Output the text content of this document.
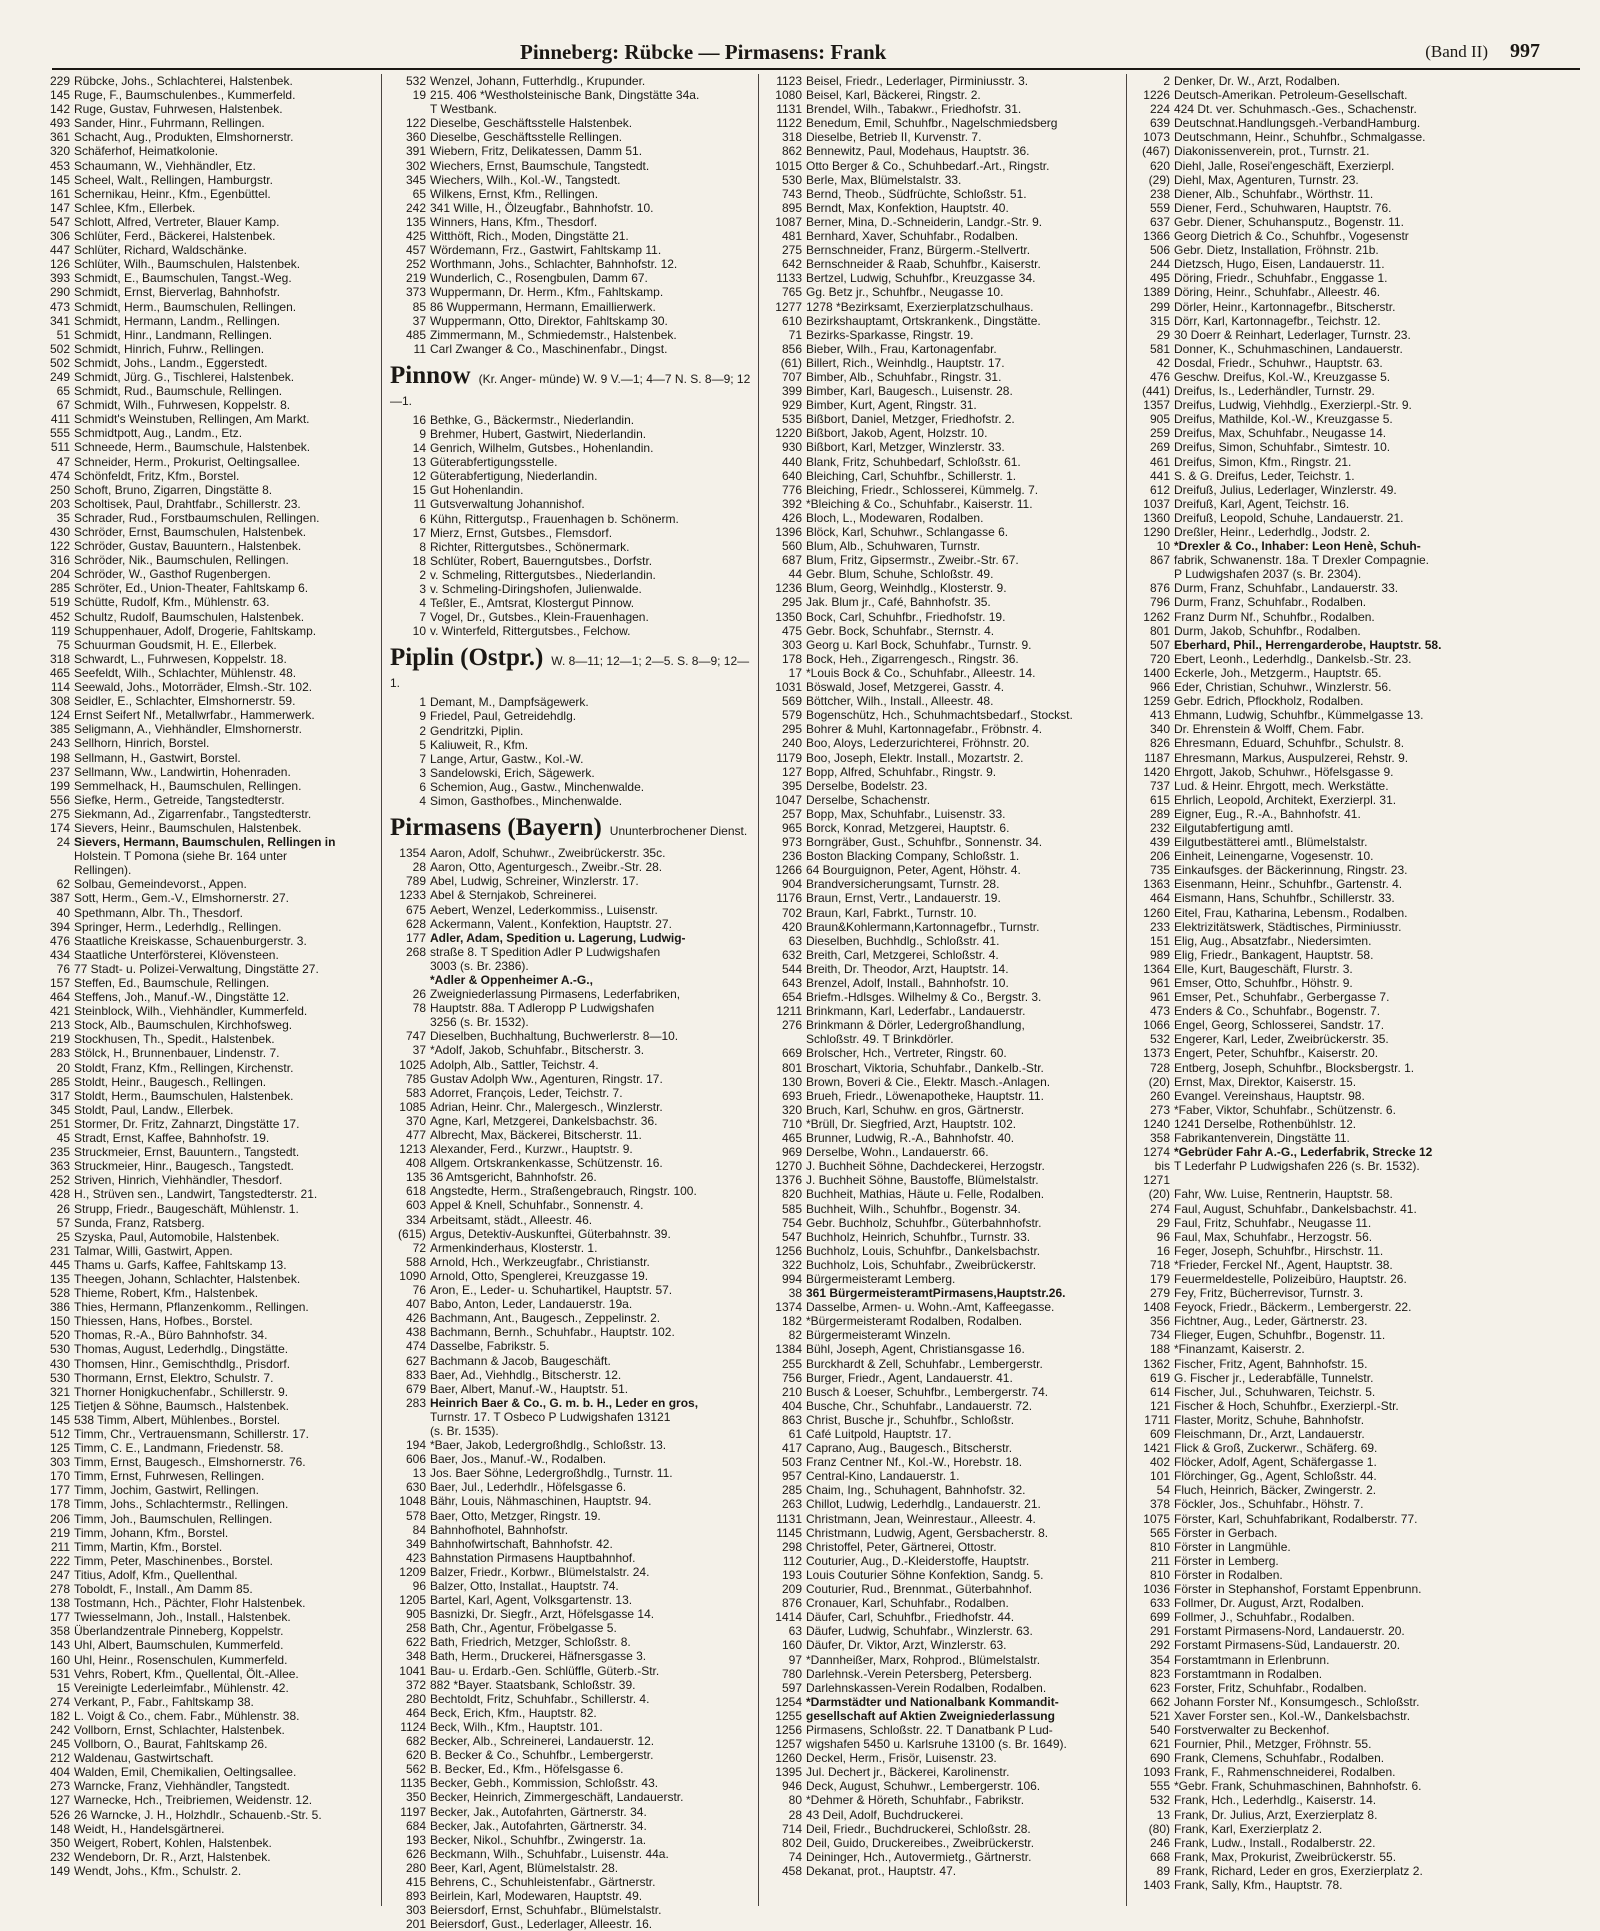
Pinneberg: Rübcke — Pirmasens: Frank	(Band II) 997
229 Rübcke, Johs., Schlachterei, Halstenbek.
145 Ruge, F., Baumschulenbes., Kummerfeld.
142 Ruge, Gustav, Fuhrwesen, Halstenbek.
493 Sander, Hinr., Fuhrmann, Rellingen.
361 Schacht, Aug., Produkten, Elmshornerstr.
320 Schäferhof, Heimatkolonie.
453 Schaumann, W., Viehhändler, Etz.
145 Scheel, Walt., Rellingen, Hamburgstr.
161 Schernikau, Heinr., Kfm., Egenbüttel.
147 Schlee, Kfm., Ellerbek.
547 Schlott, Alfred, Vertreter, Blauer Kamp.
306 Schlüter, Ferd., Bäckerei, Halstenbek.
447 Schlüter, Richard, Waldschänke.
126 Schlüter, Wilh., Baumschulen, Halstenbek.
393 Schmidt, E., Baumschulen, Tangst.-Weg.
290 Schmidt, Ernst, Bierverlag, Bahnhofstr.
473 Schmidt, Herm., Baumschulen, Rellingen.
341 Schmidt, Hermann, Landm., Rellingen.
51 Schmidt, Hinr., Landmann, Rellingen.
502 Schmidt, Hinrich, Fuhrw., Rellingen.
502 Schmidt, Johs., Landm., Eggerstedt.
249 Schmidt, Jürg. G., Tischlerei, Halstenbek.
65 Schmidt, Rud., Baumschule, Rellingen.
67 Schmidt, Wilh., Fuhrwesen, Koppelstr. 8.
411 Schmidt's Weinstuben, Rellingen, Am Markt.
555 Schmidtpott, Aug., Landm., Etz.
511 Schneede, Herm., Baumschule, Halstenbek.
47 Schneider, Herm., Prokurist, Oeltingsallee.
474 Schönfeldt, Fritz, Kfm., Borstel.
250 Schoft, Bruno, Zigarren, Dingstätte 8.
203 Scholtisek, Paul, Drahtfabr., Schillerstr. 23.
35 Schrader, Rud., Forstbaumschulen, Rellingen.
430 Schröder, Ernst, Baumschulen, Halstenbek.
122 Schröder, Gustav, Bauuntern., Halstenbek.
316 Schröder, Nik., Baumschulen, Rellingen.
204 Schröder, W., Gasthof Rugenbergen.
285 Schröter, Ed., Union-Theater, Fahltskamp 6.
519 Schütte, Rudolf, Kfm., Mühlenstr. 63.
452 Schultz, Rudolf, Baumschulen, Halstenbek.
119 Schuppenhauer, Adolf, Drogerie, Fahltskamp.
75 Schuurman Goudsmit, H. E., Ellerbek.
318 Schwardt, L., Fuhrwesen, Koppelstr. 18.
465 Seefeldt, Wilh., Schlachter, Mühlenstr. 48.
114 Seewald, Johs., Motorräder, Elmsh.-Str. 102.
308 Seidler, E., Schlachter, Elmshornerstr. 59.
124 Ernst Seifert Nf., Metallwrfabr., Hammerwerk.
385 Seligmann, A., Viehhändler, Elmshornerstr.
243 Sellhorn, Hinrich, Borstel.
198 Sellmann, H., Gastwirt, Borstel.
237 Sellmann, Ww., Landwirtin, Hohenraden.
199 Semmelhack, H., Baumschulen, Rellingen.
556 Siefke, Herm., Getreide, Tangstedterstr.
275 Siekmann, Ad., Zigarrenfabr., Tangstedterstr.
174 Sievers, Heinr., Baumschulen, Halstenbek.
24 Sievers, Hermann, Baumschulen, Rellingen in
Holstein. T Pomona (siehe Br. 164 unter
Rellingen).
62 Solbau, Gemeindevorst., Appen.
387 Sott, Herm., Gem.-V., Elmshornerstr. 27.
40 Spethmann, Albr. Th., Thesdorf.
394 Springer, Herm., Lederhdlg., Rellingen.
476 Staatliche Kreiskasse, Schauenburgerstr. 3.
434 Staatliche Unterförsterei, Klövensteen.
76 77 Stadt- u. Polizei-Verwaltung, Dingstätte 27.
157 Steffen, Ed., Baumschule, Rellingen.
464 Steffens, Joh., Manuf.-W., Dingstätte 12.
421 Steinblock, Wilh., Viehhändler, Kummerfeld.
213 Stock, Alb., Baumschulen, Kirchhofsweg.
219 Stockhusen, Th., Spedit., Halstenbek.
283 Stölck, H., Brunnenbauer, Lindenstr. 7.
20 Stoldt, Franz, Kfm., Rellingen, Kirchenstr.
285 Stoldt, Heinr., Baugesch., Rellingen.
317 Stoldt, Herm., Baumschulen, Halstenbek.
345 Stoldt, Paul, Landw., Ellerbek.
251 Stormer, Dr. Fritz, Zahnarzt, Dingstätte 17.
45 Stradt, Ernst, Kaffee, Bahnhofstr. 19.
235 Struckmeier, Ernst, Bauuntern., Tangstedt.
363 Struckmeier, Hinr., Baugesch., Tangstedt.
252 Striven, Hinrich, Viehhändler, Thesdorf.
428 H., Strüven sen., Landwirt, Tangstedterstr. 21.
26 Strupp, Friedr., Baugeschäft, Mühlenstr. 1.
57 Sunda, Franz, Ratsberg.
25 Szyska, Paul, Automobile, Halstenbek.
231 Talmar, Willi, Gastwirt, Appen.
445 Thams u. Garfs, Kaffee, Fahltskamp 13.
135 Theegen, Johann, Schlachter, Halstenbek.
528 Thieme, Robert, Kfm., Halstenbek.
386 Thies, Hermann, Pflanzenkomm., Rellingen.
150 Thiessen, Hans, Hofbes., Borstel.
520 Thomas, R.-A., Büro Bahnhofstr. 34.
530 Thomas, August, Lederhdlg., Dingstätte.
430 Thomsen, Hinr., Gemischthdlg., Prisdorf.
530 Thormann, Ernst, Elektro, Schulstr. 7.
321 Thorner Honigkuchenfabr., Schillerstr. 9.
125 Tietjen & Söhne, Baumsch., Halstenbek.
145 538 Timm, Albert, Mühlenbes., Borstel.
512 Timm, Chr., Vertrauensmann, Schillerstr. 17.
125 Timm, C. E., Landmann, Friedenstr. 58.
303 Timm, Ernst, Baugesch., Elmshornerstr. 76.
170 Timm, Ernst, Fuhrwesen, Rellingen.
177 Timm, Jochim, Gastwirt, Rellingen.
178 Timm, Johs., Schlachtermstr., Rellingen.
206 Timm, Joh., Baumschulen, Rellingen.
219 Timm, Johann, Kfm., Borstel.
211 Timm, Martin, Kfm., Borstel.
222 Timm, Peter, Maschinenbes., Borstel.
247 Titius, Adolf, Kfm., Quellenthal.
278 Toboldt, F., Install., Am Damm 85.
138 Tostmann, Hch., Pächter, Flohr Halstenbek.
177 Twiesselmann, Joh., Install., Halstenbek.
358 Überlandzentrale Pinneberg, Koppelstr.
143 Uhl, Albert, Baumschulen, Kummerfeld.
160 Uhl, Heinr., Rosenschulen, Kummerfeld.
531 Vehrs, Robert, Kfm., Quellental, Ölt.-Allee.
15 Vereinigte Lederleimfabr., Mühlenstr. 42.
274 Verkant, P., Fabr., Fahltskamp 38.
182 L. Voigt & Co., chem. Fabr., Mühlenstr. 38.
242 Vollborn, Ernst, Schlachter, Halstenbek.
245 Vollborn, O., Baurat, Fahltskamp 26.
212 Waldenau, Gastwirtschaft.
404 Walden, Emil, Chemikalien, Oeltingsallee.
273 Warncke, Franz, Viehhändler, Tangstedt.
127 Warnecke, Hch., Treibriemen, Weidenstr. 12.
526 26 Warncke, J. H., Holzhdlr., Schauenb.-Str. 5.
148 Weidt, H., Handelsgärtnerei.
350 Weigert, Robert, Kohlen, Halstenbek.
232 Wendeborn, Dr. R., Arzt, Halstenbek.
149 Wendt, Johs., Kfm., Schulstr. 2.
532 Wenzel, Johann, Futterhdlg., Krupunder.
19 215. 406 *Westholsteinische Bank, Dingstätte 34a.
T Westbank.
122 Dieselbe, Geschäftsstelle Halstenbek.
360 Dieselbe, Geschäftsstelle Rellingen.
391 Wiebern, Fritz, Delikatessen, Damm 51.
302 Wiechers, Ernst, Baumschule, Tangstedt.
345 Wiechers, Wilh., Kol.-W., Tangstedt.
65 Wilkens, Ernst, Kfm., Rellingen.
242 341 Wille, H., Ölzeugfabr., Bahnhofstr. 10.
135 Winners, Hans, Kfm., Thesdorf.
425 Witthöft, Rich., Moden, Dingstätte 21.
457 Wördemann, Frz., Gastwirt, Fahltskamp 11.
252 Worthmann, Johs., Schlachter, Bahnhofstr. 12.
219 Wunderlich, C., Rosengbulen, Damm 67.
373 Wuppermann, Dr. Herm., Kfm., Fahltskamp.
85 86 Wuppermann, Hermann, Emaillierwerk.
37 Wuppermann, Otto, Direktor, Fahltskamp 30.
485 Zimmermann, M., Schmiedemstr., Halstenbek.
11 Carl Zwanger & Co., Maschinenfabr., Dingst.
Pinnow (Kr. Anger- münde) W. 9 V.—1; 4—7 N. S. 8—9; 12—1.
16 Bethke, G., Bäckermstr., Niederlandin.
9 Brehmer, Hubert, Gastwirt, Niederlandin.
14 Genrich, Wilhelm, Gutsbes., Hohenlandin.
13 Güterabfertigungsstelle.
12 Güterabfertigung, Niederlandin.
15 Gut Hohenlandin.
11 Gutsverwaltung Johannishof.
6 Kühn, Rittergutsp., Frauenhagen b. Schönerm.
17 Mierz, Ernst, Gutsbes., Flemsdorf.
8 Richter, Rittergutsbes., Schönermark.
18 Schlüter, Robert, Bauerngutsbes., Dorfstr.
2 v. Schmeling, Rittergutsbes., Niederlandin.
3 v. Schmeling-Diringshofen, Julienwalde.
4 Teßler, E., Amtsrat, Klostergut Pinnow.
7 Vogel, Dr., Gutsbes., Klein-Frauenhagen.
10 v. Winterfeld, Rittergutsbes., Felchow.
Piplin (Ostpr.) W. 8—11; 12—1; 2—5. S. 8—9; 12—1.
1 Demant, M., Dampfsägewerk.
9 Friedel, Paul, Getreidehdlg.
2 Gendritzki, Piplin.
5 Kaliuweit, R., Kfm.
7 Lange, Artur, Gastw., Kol.-W.
3 Sandelowski, Erich, Sägewerk.
6 Schemion, Aug., Gastw., Minchenwalde.
4 Simon, Gasthofbes., Minchenwalde.
Pirmasens (Bayern) Ununterbrochener Dienst.
1354 Aaron, Adolf, Schuhwr., Zweibrückerstr. 35c.
28 Aaron, Otto, Agenturgesch., Zweibr.-Str. 28.
789 Abel, Ludwig, Schreiner, Winzlerstr. 17.
1233 Abel & Sternjakob, Schreinerei.
675 Aebert, Wenzel, Lederkommiss., Luisenstr.
628 Ackermann, Valent., Konfektion, Hauptstr. 27.
177 Adler, Adam, Spedition u. Lagerung, Ludwig-
268 straße 8. T Spedition Adler P Ludwigshafen
3003 (s. Br. 2386).
*Adler & Oppenheimer A.-G.,
26 Zweigniederlassung Pirmasens, Lederfabriken,
78 Hauptstr. 88a. T Adleropp P Ludwigshafen
3256 (s. Br. 1532).
747 Dieselben, Buchhaltung, Buchwerlerstr. 8—10.
37 *Adolf, Jakob, Schuhfabr., Bitscherstr. 3.
1025 Adolph, Alb., Sattler, Teichstr. 4.
785 Gustav Adolph Ww., Agenturen, Ringstr. 17.
583 Adorret, François, Leder, Teichstr. 7.
1085 Adrian, Heinr. Chr., Malergesch., Winzlerstr.
370 Agne, Karl, Metzgerei, Dankelsbachstr. 36.
477 Albrecht, Max, Bäckerei, Bitscherstr. 11.
1213 Alexander, Ferd., Kurzwr., Hauptstr. 9.
408 Allgem. Ortskrankenkasse, Schützenstr. 16.
135 36 Amtsgericht, Bahnhofstr. 26.
618 Angstedte, Herm., Straßengebrauch, Ringstr. 100.
603 Appel & Knell, Schuhfabr., Sonnenstr. 4.
334 Arbeitsamt, städt., Alleestr. 46.
(615) Argus, Detektiv-Auskunftei, Güterbahnstr. 39.
72 Armenkinderhaus, Klosterstr. 1.
588 Arnold, Hch., Werkzeugfabr., Christianstr.
1090 Arnold, Otto, Spenglerei, Kreuzgasse 19.
76 Aron, E., Leder- u. Schuhartikel, Hauptstr. 57.
407 Babo, Anton, Leder, Landauerstr. 19a.
426 Bachmann, Ant., Baugesch., Zeppelinstr. 2.
438 Bachmann, Bernh., Schuhfabr., Hauptstr. 102.
474 Dasselbe, Fabrikstr. 5.
627 Bachmann & Jacob, Baugeschäft.
833 Baer, Ad., Viehhdlg., Bitscherstr. 12.
679 Baer, Albert, Manuf.-W., Hauptstr. 51.
283 Heinrich Baer & Co., G. m. b. H., Leder en gros,
Turnstr. 17. T Osbeco P Ludwigshafen 13121
(s. Br. 1535).
194 *Baer, Jakob, Ledergroßhdlg., Schloßstr. 13.
606 Baer, Jos., Manuf.-W., Rodalben.
13 Jos. Baer Söhne, Ledergroßhdlg., Turnstr. 11.
630 Baer, Jul., Lederhdlr., Höfelsgasse 6.
1048 Bähr, Louis, Nähmaschinen, Hauptstr. 94.
578 Baer, Otto, Metzger, Ringstr. 19.
84 Bahnhofhotel, Bahnhofstr.
349 Bahnhofwirtschaft, Bahnhofstr. 42.
423 Bahnstation Pirmasens Hauptbahnhof.
1209 Balzer, Friedr., Korbwr., Blümelstalstr. 24.
96 Balzer, Otto, Installat., Hauptstr. 74.
1205 Bartel, Karl, Agent, Volksgartenstr. 13.
905 Basnizki, Dr. Siegfr., Arzt, Höfelsgasse 14.
258 Bath, Chr., Agentur, Fröbelgasse 5.
622 Bath, Friedrich, Metzger, Schloßstr. 8.
348 Bath, Herm., Druckerei, Häfnersgasse 3.
1041 Bau- u. Erdarb.-Gen. Schlüffle, Güterb.-Str.
372 882 *Bayer. Staatsbank, Schloßstr. 39.
280 Bechtoldt, Fritz, Schuhfabr., Schillerstr. 4.
464 Beck, Erich, Kfm., Hauptstr. 82.
1124 Beck, Wilh., Kfm., Hauptstr. 101.
682 Becker, Alb., Schreinerei, Landauerstr. 12.
620 B. Becker & Co., Schuhfbr., Lembergerstr.
562 B. Becker, Ed., Kfm., Höfelsgasse 6.
1135 Becker, Gebh., Kommission, Schloßstr. 43.
350 Becker, Heinrich, Zimmergeschäft, Landauerstr.
1197 Becker, Jak., Autofahrten, Gärtnerstr. 34.
684 Becker, Jak., Autofahrten, Gärtnerstr. 34.
193 Becker, Nikol., Schuhfbr., Zwingerstr. 1a.
626 Beckmann, Wilh., Schuhfabr., Luisenstr. 44a.
280 Beer, Karl, Agent, Blümelstalstr. 28.
415 Behrens, C., Schuhleistenfabr., Gärtnerstr.
893 Beirlein, Karl, Modewaren, Hauptstr. 49.
303 Beiersdorf, Ernst, Schuhfabr., Blümelstalstr.
201 Beiersdorf, Gust., Lederlager, Alleestr. 16.
1123 Beisel, Friedr., Lederlager, Pirminiusstr. 3.
1080 Beisel, Karl, Bäckerei, Ringstr. 2.
1131 Brendel, Wilh., Tabakwr., Friedhofstr. 31.
1122 Benedum, Emil, Schuhfbr., Nagelschmiedsberg
318 Dieselbe, Betrieb II, Kurvenstr. 7.
862 Bennewitz, Paul, Modehaus, Hauptstr. 36.
1015 Otto Berger & Co., Schuhbedarf.-Art., Ringstr.
530 Berle, Max, Blümelstalstr. 33.
743 Bernd, Theob., Südfrüchte, Schloßstr. 51.
895 Berndt, Max, Konfektion, Hauptstr. 40.
1087 Berner, Mina, D.-Schneiderin, Landgr.-Str. 9.
481 Bernhard, Xaver, Schuhfabr., Rodalben.
275 Bernschneider, Franz, Bürgerm.-Stellvertr.
642 Bernschneider & Raab, Schuhfbr., Kaiserstr.
1133 Bertzel, Ludwig, Schuhfbr., Kreuzgasse 34.
765 Gg. Betz jr., Schuhfbr., Neugasse 10.
1277 1278 *Bezirksamt, Exerzierplatzschulhaus.
610 Bezirkshauptamt, Ortskrankenk., Dingstätte.
71 Bezirks-Sparkasse, Ringstr. 19.
856 Bieber, Wilh., Frau, Kartonagenfabr.
(61) Billert, Rich., Weinhdlg., Hauptstr. 17.
707 Bimber, Alb., Schuhfabr., Ringstr. 31.
399 Bimber, Karl, Baugesch., Luisenstr. 28.
929 Bimber, Kurt, Agent, Ringstr. 31.
535 Bißbort, Daniel, Metzger, Friedhofstr. 2.
1220 Bißbort, Jakob, Agent, Holzstr. 10.
930 Bißbort, Karl, Metzger, Winzlerstr. 33.
440 Blank, Fritz, Schuhbedarf, Schloßstr. 61.
640 Bleiching, Carl, Schuhfbr., Schillerstr. 1.
776 Bleiching, Friedr., Schlosserei, Kümmelg. 7.
392 *Bleiching & Co., Schuhfabr., Kaiserstr. 11.
426 Bloch, L., Modewaren, Rodalben.
1396 Blöck, Karl, Schuhwr., Schlangasse 6.
560 Blum, Alb., Schuhwaren, Turnstr.
687 Blum, Fritz, Gipsermstr., Zweibr.-Str. 67.
44 Gebr. Blum, Schuhe, Schloßstr. 49.
1236 Blum, Georg, Weinhdlg., Klosterstr. 9.
295 Jak. Blum jr., Café, Bahnhofstr. 35.
1350 Bock, Carl, Schuhfbr., Friedhofstr. 19.
475 Gebr. Bock, Schuhfabr., Sternstr. 4.
303 Georg u. Karl Bock, Schuhfabr., Turnstr. 9.
178 Bock, Heh., Zigarrengesch., Ringstr. 36.
17 *Louis Bock & Co., Schuhfabr., Alleestr. 14.
1031 Böswald, Josef, Metzgerei, Gasstr. 4.
569 Böttcher, Wilh., Install., Alleestr. 48.
579 Bogenschütz, Hch., Schuhmachtsbedarf., Stockst.
295 Bohrer & Muhl, Kartonnagefabr., Fröbnstr. 4.
240 Boo, Aloys, Lederzurichterei, Fröhnstr. 20.
1179 Boo, Joseph, Elektr. Install., Mozartstr. 2.
127 Bopp, Alfred, Schuhfabr., Ringstr. 9.
395 Derselbe, Bodelstr. 23.
1047 Derselbe, Schachenstr.
257 Bopp, Max, Schuhfabr., Luisenstr. 33.
965 Borck, Konrad, Metzgerei, Hauptstr. 6.
973 Borngräber, Gust., Schuhfbr., Sonnenstr. 34.
236 Boston Blacking Company, Schloßstr. 1.
1266 64 Bourguignon, Peter, Agent, Höhstr. 4.
904 Brandversicherungsamt, Turnstr. 28.
1176 Braun, Ernst, Vertr., Landauerstr. 19.
702 Braun, Karl, Fabrkt., Turnstr. 10.
420 Braun&Kohlermann,Kartonnagefbr., Turnstr.
63 Dieselben, Buchhdlg., Schloßstr. 41.
632 Breith, Carl, Metzgerei, Schloßstr. 4.
544 Breith, Dr. Theodor, Arzt, Hauptstr. 14.
643 Brenzel, Adolf, Install., Bahnhofstr. 10.
654 Briefm.-Hdlsges. Wilhelmy & Co., Bergstr. 3.
1211 Brinkmann, Karl, Lederfabr., Landauerstr.
276 Brinkmann & Dörler, Ledergroßhandlung,
Schloßstr. 49. T Brinkdörler.
669 Brolscher, Hch., Vertreter, Ringstr. 60.
801 Broschart, Viktoria, Schuhfabr., Dankelb.-Str.
130 Brown, Boveri & Cie., Elektr. Masch.-Anlagen.
693 Brueh, Friedr., Löwenapotheke, Hauptstr. 11.
320 Bruch, Karl, Schuhw. en gros, Gärtnerstr.
710 *Brüll, Dr. Siegfried, Arzt, Hauptstr. 102.
465 Brunner, Ludwig, R.-A., Bahnhofstr. 40.
969 Derselbe, Wohn., Landauerstr. 66.
1270 J. Buchheit Söhne, Dachdeckerei, Herzogstr.
1376 J. Buchheit Söhne, Baustoffe, Blümelstalstr.
820 Buchheit, Mathias, Häute u. Felle, Rodalben.
585 Buchheit, Wilh., Schuhfbr., Bogenstr. 34.
754 Gebr. Buchholz, Schuhfbr., Güterbahnhofstr.
547 Buchholz, Heinrich, Schuhfbr., Turnstr. 33.
1256 Buchholz, Louis, Schuhfbr., Dankelsbachstr.
322 Buchholz, Lois, Schuhfabr., Zweibrückerstr.
994 Bürgermeisteramt Lemberg.
38 361 BürgermeisteramtPirmasens,Hauptstr.26.
1374 Dasselbe, Armen- u. Wohn.-Amt, Kaffeegasse.
182 *Bürgermeisteramt Rodalben, Rodalben.
82 Bürgermeisteramt Winzeln.
1384 Bühl, Joseph, Agent, Christiansgasse 16.
255 Burckhardt & Zell, Schuhfabr., Lembergerstr.
756 Burger, Friedr., Agent, Landauerstr. 41.
210 Busch & Loeser, Schuhfbr., Lembergerstr. 74.
404 Busche, Chr., Schuhfabr., Landauerstr. 72.
863 Christ, Busche jr., Schuhfbr., Schloßstr.
61 Café Luitpold, Hauptstr. 17.
417 Caprano, Aug., Baugesch., Bitscherstr.
503 Franz Centner Nf., Kol.-W., Horebstr. 18.
957 Central-Kino, Landauerstr. 1.
285 Chaim, Ing., Schuhagent, Bahnhofstr. 32.
263 Chillot, Ludwig, Lederhdlg., Landauerstr. 21.
1131 Christmann, Jean, Weinrestaur., Alleestr. 4.
1145 Christmann, Ludwig, Agent, Gersbacherstr. 8.
298 Christoffel, Peter, Gärtnerei, Ottostr.
112 Couturier, Aug., D.-Kleiderstoffe, Hauptstr.
193 Louis Couturier Söhne Konfektion, Sandg. 5.
209 Couturier, Rud., Brennmat., Güterbahnhof.
876 Cronauer, Karl, Schuhfabr., Rodalben.
1414 Däufer, Carl, Schuhfbr., Friedhofstr. 44.
63 Däufer, Ludwig, Schuhfabr., Winzlerstr. 63.
160 Däufer, Dr. Viktor, Arzt, Winzlerstr. 63.
97 *Dannheißer, Marx, Rohprod., Blümelstalstr.
780 Darlehnsk.-Verein Petersberg, Petersberg.
597 Darlehnskassen-Verein Rodalben, Rodalben.
1254 *Darmstädter und Nationalbank Kommandit-
1255 gesellschaft auf Aktien Zweigniederlassung
1256 Pirmasens, Schloßstr. 22. T Danatbank P Lud-
1257 wigshafen 5450 u. Karlsruhe 13100 (s. Br. 1649).
1260 Deckel, Herm., Frisör, Luisenstr. 23.
1395 Jul. Dechert jr., Bäckerei, Karolinenstr.
946 Deck, August, Schuhwr., Lembergerstr. 106.
80 *Dehmer & Höreth, Schuhfabr., Fabrikstr.
28 43 Deil, Adolf, Buchdruckerei.
714 Deil, Friedr., Buchdruckerei, Schloßstr. 28.
802 Deil, Guido, Druckereibes., Zweibrückerstr.
74 Deininger, Hch., Autovermietg., Gärtnerstr.
458 Dekanat, prot., Hauptstr. 47.
2 Denker, Dr. W., Arzt, Rodalben.
1226 Deutsch-Amerikan. Petroleum-Gesellschaft.
224 424 Dt. ver. Schuhmasch.-Ges., Schachenstr.
639 Deutschnat.Handlungsgeh.-VerbandHamburg.
1073 Deutschmann, Heinr., Schuhfbr., Schmalgasse.
(467) Diakonissenverein, prot., Turnstr. 21.
620 Diehl, Jalle, Rosei'engeschäft, Exerzierpl.
(29) Diehl, Max, Agenturen, Turnstr. 23.
238 Diener, Alb., Schuhfabr., Wörthstr. 11.
559 Diener, Ferd., Schuhwaren, Hauptstr. 76.
637 Gebr. Diener, Schuhansputz., Bogenstr. 11.
1366 Georg Dietrich & Co., Schuhfbr., Vogesenstr
506 Gebr. Dietz, Installation, Fröhnstr. 21b.
244 Dietzsch, Hugo, Eisen, Landauerstr. 11.
495 Döring, Friedr., Schuhfabr., Enggasse 1.
1389 Döring, Heinr., Schuhfabr., Alleestr. 46.
299 Dörler, Heinr., Kartonnagefbr., Bitscherstr.
315 Dörr, Karl, Kartonnagefbr., Teichstr. 12.
29 30 Doerr & Reinhart, Lederlager, Turnstr. 23.
581 Donner, K., Schuhmaschinen, Landauerstr.
42 Dosdal, Friedr., Schuhwr., Hauptstr. 63.
476 Geschw. Dreifus, Kol.-W., Kreuzgasse 5.
(441) Dreifus, Is., Lederhändler, Turnstr. 29.
1357 Dreifus, Ludwig, Viehhdlg., Exerzierpl.-Str. 9.
905 Dreifus, Mathilde, Kol.-W., Kreuzgasse 5.
259 Dreifus, Max, Schuhfabr., Neugasse 14.
269 Dreifus, Simon, Schuhfabr., Simtestr. 10.
461 Dreifus, Simon, Kfm., Ringstr. 21.
441 S. & G. Dreifus, Leder, Teichstr. 1.
612 Dreifuß, Julius, Lederlager, Winzlerstr. 49.
1037 Dreifuß, Karl, Agent, Teichstr. 16.
1360 Dreifuß, Leopold, Schuhe, Landauerstr. 21.
1290 Dreßler, Heinr., Lederhdlg., Jodstr. 2.
10 *Drexler & Co., Inhaber: Leon Henè, Schuh-
867 fabrik, Schwanenstr. 18a. T Drexler Compagnie.
P Ludwigshafen 2037 (s. Br. 2304).
876 Durm, Franz, Schuhfabr., Landauerstr. 33.
796 Durm, Franz, Schuhfabr., Rodalben.
1262 Franz Durm Nf., Schuhfbr., Rodalben.
801 Durm, Jakob, Schuhfbr., Rodalben.
507 Eberhard, Phil., Herrengarderobe, Hauptstr. 58.
720 Ebert, Leonh., Lederhdlg., Dankelsb.-Str. 23.
1400 Eckerle, Joh., Metzgerm., Hauptstr. 65.
966 Eder, Christian, Schuhwr., Winzlerstr. 56.
1259 Gebr. Edrich, Pflockholz, Rodalben.
413 Ehmann, Ludwig, Schuhfbr., Kümmelgasse 13.
340 Dr. Ehrenstein & Wolff, Chem. Fabr.
826 Ehresmann, Eduard, Schuhfbr., Schulstr. 8.
1187 Ehresmann, Markus, Auspulzerei, Rehstr. 9.
1420 Ehrgott, Jakob, Schuhwr., Höfelsgasse 9.
737 Lud. & Heinr. Ehrgott, mech. Werkstätte.
615 Ehrlich, Leopold, Architekt, Exerzierpl. 31.
289 Eigner, Eug., R.-A., Bahnhofstr. 41.
232 Eilgutabfertigung amtl.
439 Eilgutbestätterei amtl., Blümelstalstr.
206 Einheit, Leinengarne, Vogesenstr. 10.
735 Einkaufsges. der Bäckerinnung, Ringstr. 23.
1363 Eisenmann, Heinr., Schuhfbr., Gartenstr. 4.
464 Eismann, Hans, Schuhfbr., Schillerstr. 33.
1260 Eitel, Frau, Katharina, Lebensm., Rodalben.
233 Elektrizitätswerk, Städtisches, Pirminiusstr.
151 Elig, Aug., Absatzfabr., Niedersimten.
989 Elig, Friedr., Bankagent, Hauptstr. 58.
1364 Elle, Kurt, Baugeschäft, Flurstr. 3.
961 Emser, Otto, Schuhfbr., Höhstr. 9.
961 Emser, Pet., Schuhfabr., Gerbergasse 7.
473 Enders & Co., Schuhfabr., Bogenstr. 7.
1066 Engel, Georg, Schlosserei, Sandstr. 17.
532 Engerer, Karl, Leder, Zweibrückerstr. 35.
1373 Engert, Peter, Schuhfbr., Kaiserstr. 20.
728 Entberg, Joseph, Schuhfbr., Blocksbergstr. 1.
(20) Ernst, Max, Direktor, Kaiserstr. 15.
260 Evangel. Vereinshaus, Hauptstr. 98.
273 *Faber, Viktor, Schuhfabr., Schützenstr. 6.
1240 1241 Derselbe, Rothenbühlstr. 12.
358 Fabrikantenverein, Dingstätte 11.
1274 *Gebrüder Fahr A.-G., Lederfabrik, Strecke 12
bis T Lederfahr P Ludwigshafen 226 (s. Br. 1532).
1271
(20) Fahr, Ww. Luise, Rentnerin, Hauptstr. 58.
274 Faul, August, Schuhfabr., Dankelsbachstr. 41.
29 Faul, Fritz, Schuhfabr., Neugasse 11.
96 Faul, Max, Schuhfabr., Herzogstr. 56.
16 Feger, Joseph, Schuhfbr., Hirschstr. 11.
718 *Frieder, Ferckel Nf., Agent, Hauptstr. 38.
179 Feuermeldestelle, Polizeibüro, Hauptstr. 26.
279 Fey, Fritz, Bücherrevisor, Turnstr. 3.
1408 Feyock, Friedr., Bäckerm., Lembergerstr. 22.
356 Fichtner, Aug., Leder, Gärtnerstr. 23.
734 Flieger, Eugen, Schuhfbr., Bogenstr. 11.
188 *Finanzamt, Kaiserstr. 2.
1362 Fischer, Fritz, Agent, Bahnhofstr. 15.
619 G. Fischer jr., Lederabfälle, Tunnelstr.
614 Fischer, Jul., Schuhwaren, Teichstr. 5.
121 Fischer & Hoch, Schuhfbr., Exerzierpl.-Str.
1711 Flaster, Moritz, Schuhe, Bahnhofstr.
609 Fleischmann, Dr., Arzt, Landauerstr.
1421 Flick & Groß, Zuckerwr., Schäferg. 69.
402 Flöcker, Adolf, Agent, Schäfergasse 1.
101 Flörchinger, Gg., Agent, Schloßstr. 44.
54 Fluch, Heinrich, Bäcker, Zwingerstr. 2.
378 Föckler, Jos., Schuhfabr., Höhstr. 7.
1075 Förster, Karl, Schuhfabrikant, Rodalberstr. 77.
565 Förster in Gerbach.
810 Förster in Langmühle.
211 Förster in Lemberg.
810 Förster in Rodalben.
1036 Förster in Stephanshof, Forstamt Eppenbrunn.
633 Follmer, Dr. August, Arzt, Rodalben.
699 Follmer, J., Schuhfabr., Rodalben.
291 Forstamt Pirmasens-Nord, Landauerstr. 20.
292 Forstamt Pirmasens-Süd, Landauerstr. 20.
354 Forstamtmann in Erlenbrunn.
823 Forstamtmann in Rodalben.
623 Forster, Fritz, Schuhfabr., Rodalben.
662 Johann Forster Nf., Konsumgesch., Schloßstr.
521 Xaver Forster sen., Kol.-W., Dankelsbachstr.
540 Forstverwalter zu Beckenhof.
621 Fournier, Phil., Metzger, Fröhnstr. 55.
690 Frank, Clemens, Schuhfabr., Rodalben.
1093 Frank, F., Rahmenschneiderei, Rodalben.
555 *Gebr. Frank, Schuhmaschinen, Bahnhofstr. 6.
532 Frank, Hch., Lederhdlg., Kaiserstr. 14.
13 Frank, Dr. Julius, Arzt, Exerzierplatz 8.
(80) Frank, Karl, Exerzierplatz 2.
246 Frank, Ludw., Install., Rodalberstr. 22.
668 Frank, Max, Prokurist, Zweibrückerstr. 55.
89 Frank, Richard, Leder en gros, Exerzierplatz 2.
1403 Frank, Sally, Kfm., Hauptstr. 78.
